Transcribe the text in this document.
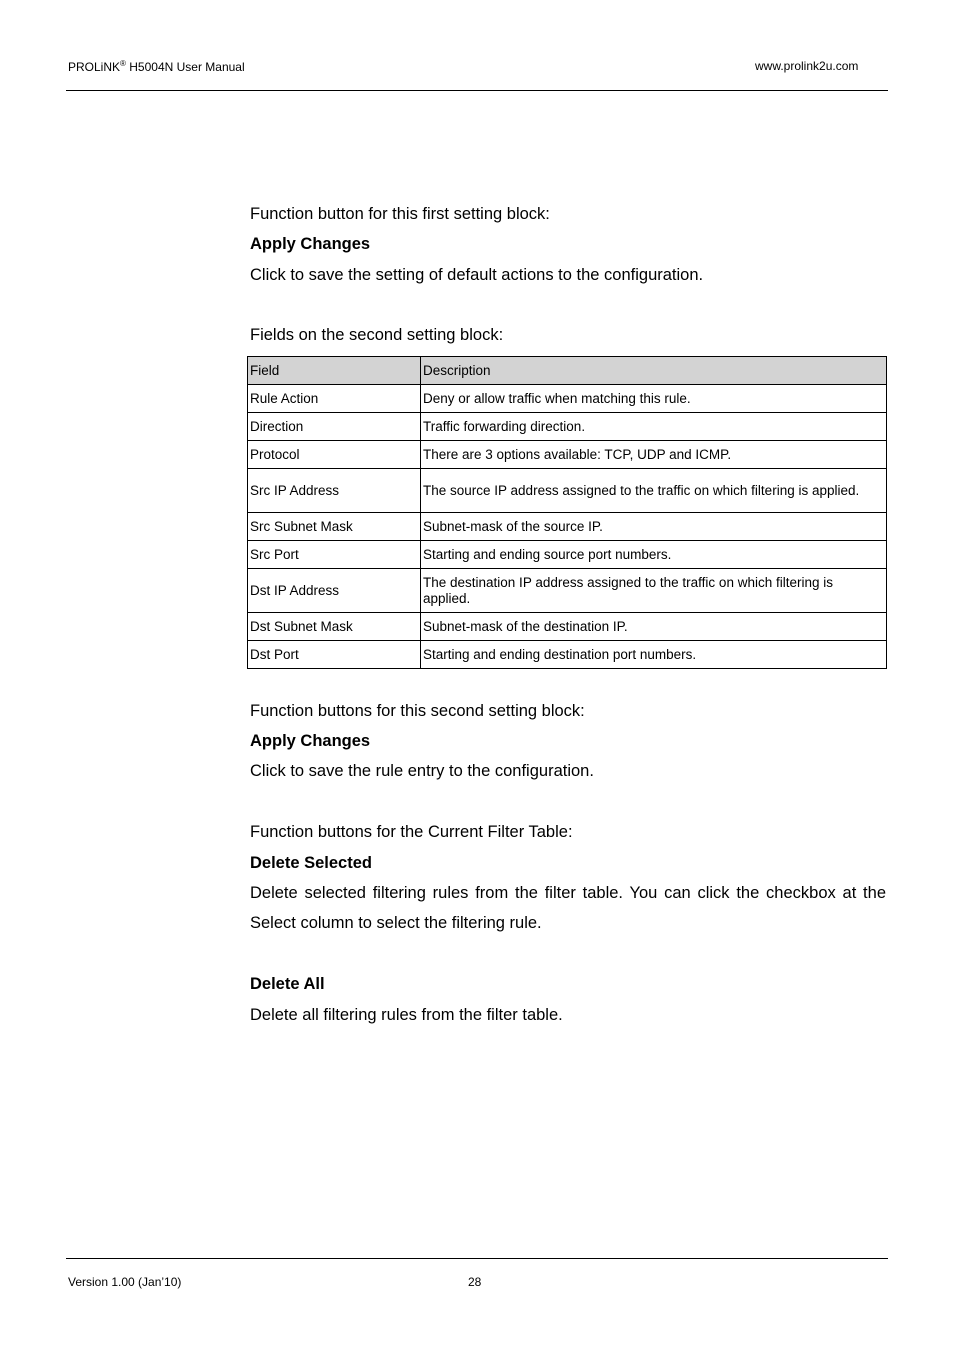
PROLiNK® H5004N User Manual	www.prolink2u.com
Function button for this first setting block:
Apply Changes
Click to save the setting of default actions to the configuration.
Fields on the second setting block:
Field	Description
Rule Action	Deny or allow traffic when matching this rule.
Direction	Traffic forwarding direction.
Protocol	There are 3 options available: TCP, UDP and ICMP.
Src IP Address	The source IP address assigned to the traffic on which filtering is applied.
Src Subnet Mask	Subnet-mask of the source IP.
Src Port	Starting and ending source port numbers.
Dst IP Address	The destination IP address assigned to the traffic on which filtering is applied.
Dst Subnet Mask	Subnet-mask of the destination IP.
Dst Port	Starting and ending destination port numbers.
Function buttons for this second setting block:
Apply Changes
Click to save the rule entry to the configuration.
Function buttons for the Current Filter Table:
Delete Selected
Delete selected filtering rules from the filter table. You can click the checkbox at the Select column to select the filtering rule.
Delete All
Delete all filtering rules from the filter table.
Version 1.00 (Jan’10)	28
